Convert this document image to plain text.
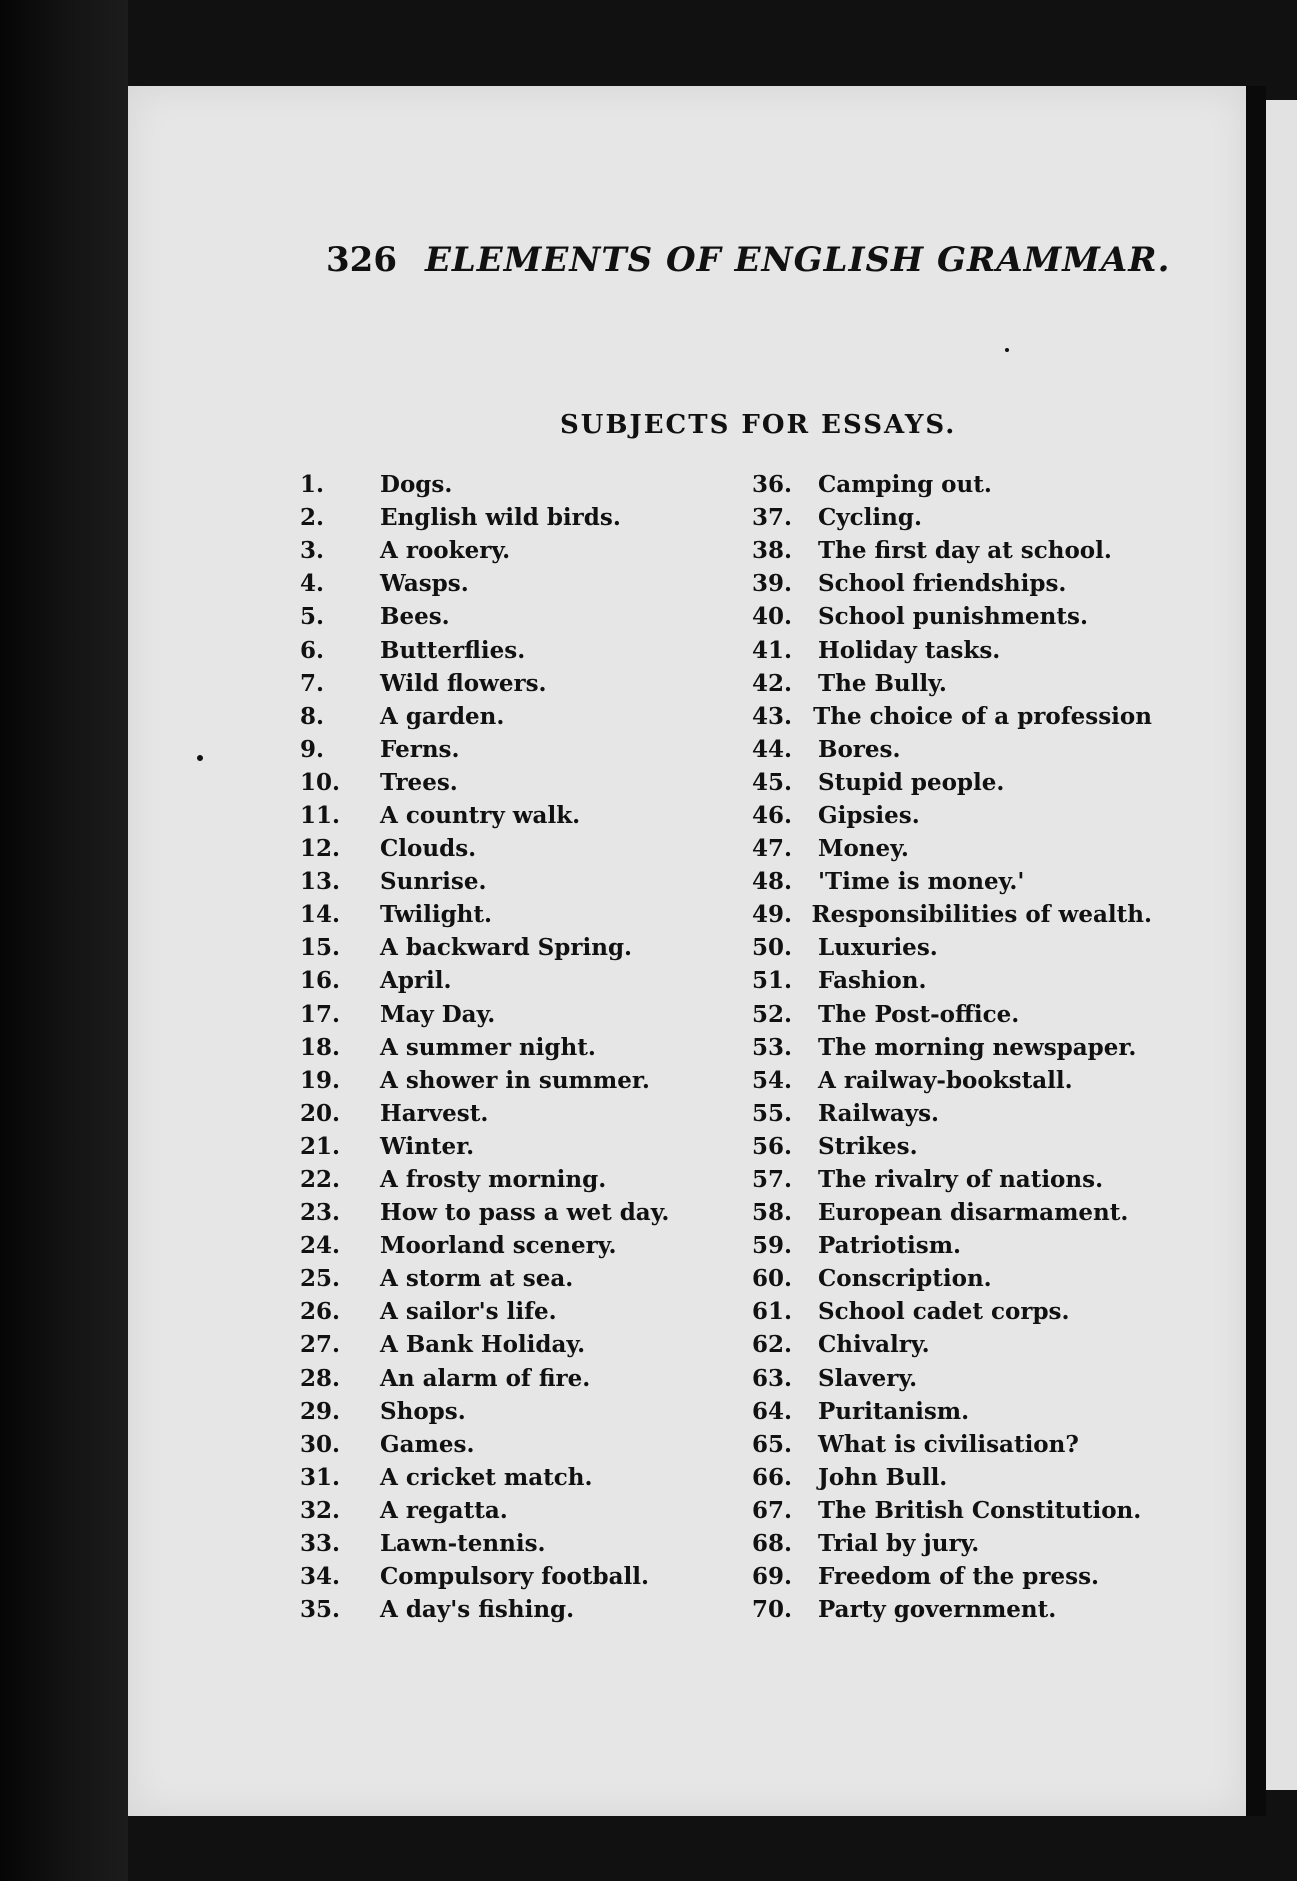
326 ELEMENTS OF ENGLISH GRAMMAR.
SUBJECTS FOR ESSAYS.
1.	Dogs.
2.	English wild birds.
3.	A rookery.
4.	Wasps.
5.	Bees.
6.	Butterflies.
7.	Wild flowers.
8.	A garden.
9.	Ferns.
10.	Trees.
11.	A country walk.
12.	Clouds.
13.	Sunrise.
14.	Twilight.
15.	A backward Spring.
16.	April.
17.	May Day.
18.	A summer night.
19.	A shower in summer.
20.	Harvest.
21.	Winter.
22.	A frosty morning.
23.	How to pass a wet day.
24.	Moorland scenery.
25.	A storm at sea.
26.	A sailor's life.
27.	A Bank Holiday.
28.	An alarm of fire.
29.	Shops.
30.	Games.
31.	A cricket match.
32.	A regatta.
33.	Lawn-tennis.
34.	Compulsory football.
35.	A day's fishing.
36.	Camping out.
37.	Cycling.
38.	The first day at school.
39.	School friendships.
40.	School punishments.
41.	Holiday tasks.
42.	The Bully.
43. The choice of a profession
44.	Bores.
45.	Stupid people.
46.	Gipsies.
47.	Money.
48.	'Time is money.'
49. Responsibilities of wealth.
50.	Luxuries.
51.	Fashion.
52.	The Post-office.
53.	The morning newspaper.
54.	A railway-bookstall.
55.	Railways.
56.	Strikes.
57.	The rivalry of nations.
58.	European disarmament.
59.	Patriotism.
60.	Conscription.
61.	School cadet corps.
62.	Chivalry.
63.	Slavery.
64.	Puritanism.
65.	What is civilisation?
66.	John Bull.
67.	The British Constitution.
68.	Trial by jury.
69.	Freedom of the press.
70.	Party government.
